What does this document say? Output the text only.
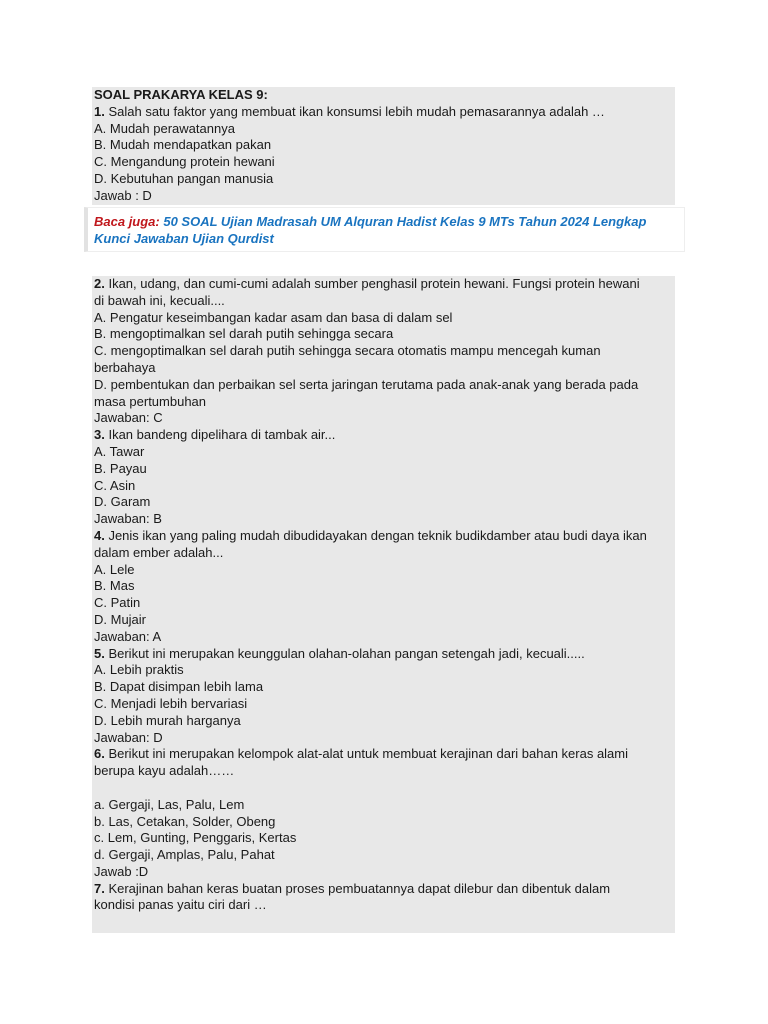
SOAL PRAKARYA KELAS 9:

1. Salah satu faktor yang membuat ikan konsumsi lebih mudah pemasarannya adalah …

A. Mudah perawatannya

B. Mudah mendapatkan pakan

C. Mengandung protein hewani

D. Kebutuhan pangan manusia

Jawab : D

Baca juga: 50 SOAL Ujian Madrasah UM Alquran Hadist Kelas 9 MTs Tahun 2024 Lengkap
Kunci Jawaban Ujian Qurdist

2. Ikan, udang, dan cumi-cumi adalah sumber penghasil protein hewani. Fungsi protein hewani

di bawah ini, kecuali....

A. Pengatur keseimbangan kadar asam dan basa di dalam sel

B. mengoptimalkan sel darah putih sehingga secara

C. mengoptimalkan sel darah putih sehingga secara otomatis mampu mencegah kuman

berbahaya

D. pembentukan dan perbaikan sel serta jaringan terutama pada anak-anak yang berada pada

masa pertumbuhan

Jawaban: C

3. Ikan bandeng dipelihara di tambak air...

A. Tawar

B. Payau

C. Asin

D. Garam

Jawaban: B

4. Jenis ikan yang paling mudah dibudidayakan dengan teknik budikdamber atau budi daya ikan

dalam ember adalah...

A. Lele

B. Mas

C. Patin

D. Mujair

Jawaban: A

5. Berikut ini merupakan keunggulan olahan-olahan pangan setengah jadi, kecuali.....

A. Lebih praktis

B. Dapat disimpan lebih lama

C. Menjadi lebih bervariasi

D. Lebih murah harganya

Jawaban: D

6. Berikut ini merupakan kelompok alat-alat untuk membuat kerajinan dari bahan keras alami

berupa kayu adalah……

a. Gergaji, Las, Palu, Lem

b. Las, Cetakan, Solder, Obeng

c. Lem, Gunting, Penggaris, Kertas

d. Gergaji, Amplas, Palu, Pahat

Jawab :D

7. Kerajinan bahan keras buatan proses pembuatannya dapat dilebur dan dibentuk dalam

kondisi panas yaitu ciri dari …
